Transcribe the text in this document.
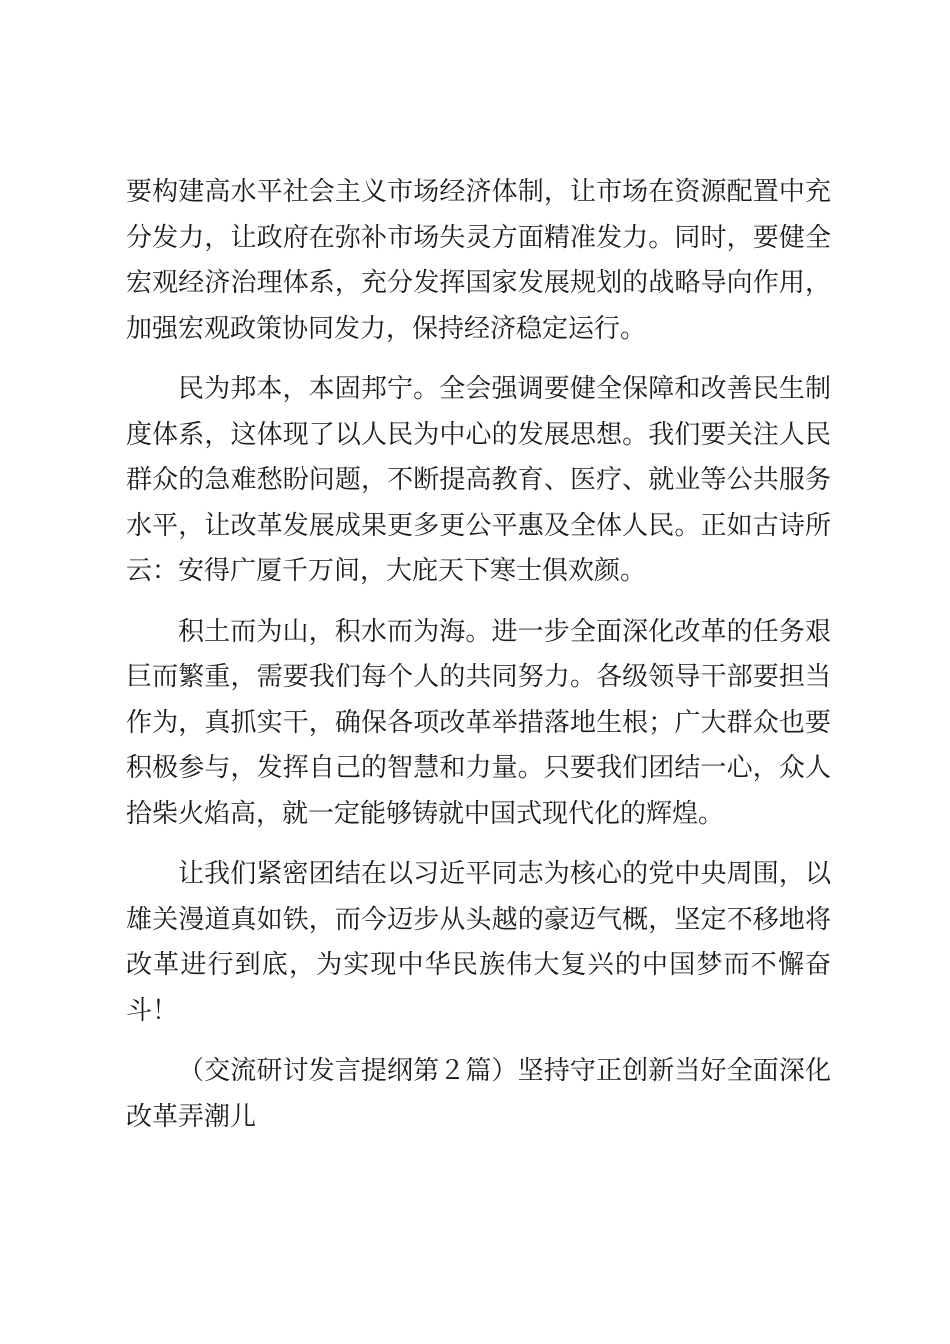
要构建高水平社会主义市场经济体制，让市场在资源配置中充分发力，让政府在弥补市场失灵方面精准发力。同时，要健全宏观经济治理体系，充分发挥国家发展规划的战略导向作用，加强宏观政策协同发力，保持经济稳定运行。

民为邦本，本固邦宁。全会强调要健全保障和改善民生制度体系，这体现了以人民为中心的发展思想。我们要关注人民群众的急难愁盼问题，不断提高教育、医疗、就业等公共服务水平，让改革发展成果更多更公平惠及全体人民。正如古诗所云：安得广厦千万间，大庇天下寒士俱欢颜。

积土而为山，积水而为海。进一步全面深化改革的任务艰巨而繁重，需要我们每个人的共同努力。各级领导干部要担当作为，真抓实干，确保各项改革举措落地生根；广大群众也要积极参与，发挥自己的智慧和力量。只要我们团结一心，众人拾柴火焰高，就一定能够铸就中国式现代化的辉煌。

让我们紧密团结在以习近平同志为核心的党中央周围，以雄关漫道真如铁，而今迈步从头越的豪迈气概，坚定不移地将改革进行到底，为实现中华民族伟大复兴的中国梦而不懈奋斗！

（交流研讨发言提纲第２篇）坚持守正创新当好全面深化改革弄潮儿
